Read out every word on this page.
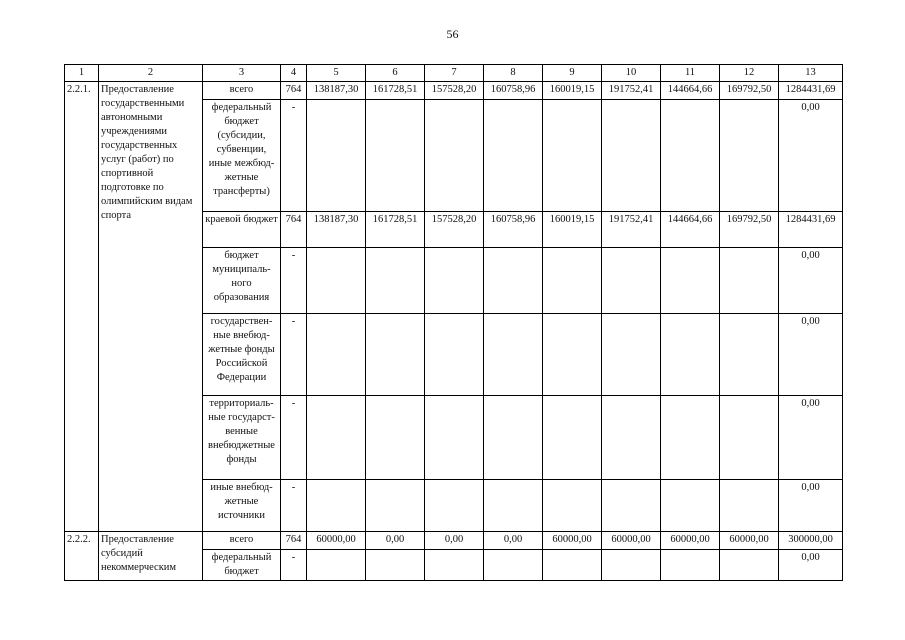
56
1	2	3	4	5	6	7	8	9	10	11	12	13
2.2.1.	Предоставление государственными автономными учреждениями государственных услуг (работ) по спортивной подготовке по олимпийским видам спорта	всего	764	138187,30	161728,51	157528,20	160758,96	160019,15	191752,41	144664,66	169792,50	1284431,69
		федеральный бюджет (субсидии, субвенции, иные межбюд-жетные трансферты)	-									0,00
		краевой бюджет	764	138187,30	161728,51	157528,20	160758,96	160019,15	191752,41	144664,66	169792,50	1284431,69
		бюджет муниципаль-ного образования	-									0,00
		государствен-ные внебюд-жетные фонды Российской Федерации	-									0,00
		территориаль-ные государст-венные внебюджетные фонды	-									0,00
		иные внебюд-жетные источники	-									0,00
2.2.2.	Предоставление субсидий некоммерческим	всего	764	60000,00	0,00	0,00	0,00	60000,00	60000,00	60000,00	60000,00	300000,00
		федеральный бюджет	-									0,00
